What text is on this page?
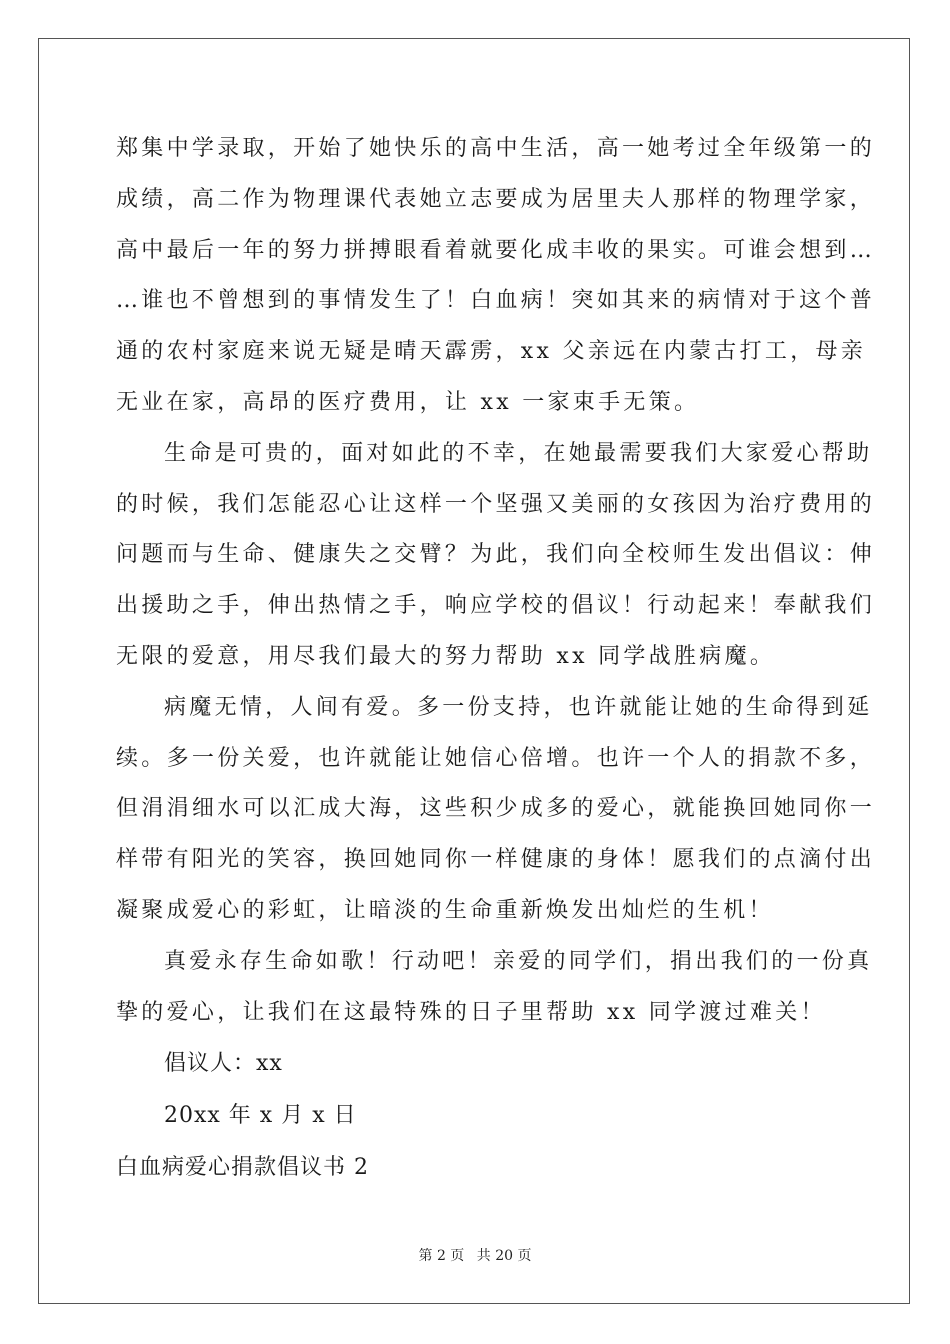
郑集中学录取，开始了她快乐的高中生活，高一她考过全年级第一的
成绩，高二作为物理课代表她立志要成为居里夫人那样的物理学家，
高中最后一年的努力拼搏眼看着就要化成丰收的果实。可谁会想到…
…谁也不曾想到的事情发生了！白血病！突如其来的病情对于这个普
通的农村家庭来说无疑是晴天霹雳，xx 父亲远在内蒙古打工，母亲
无业在家，高昂的医疗费用，让 xx 一家束手无策。
生命是可贵的，面对如此的不幸，在她最需要我们大家爱心帮助
的时候，我们怎能忍心让这样一个坚强又美丽的女孩因为治疗费用的
问题而与生命、健康失之交臂？为此，我们向全校师生发出倡议：伸
出援助之手，伸出热情之手，响应学校的倡议！行动起来！奉献我们
无限的爱意，用尽我们最大的努力帮助 xx 同学战胜病魔。
病魔无情，人间有爱。多一份支持，也许就能让她的生命得到延
续。多一份关爱，也许就能让她信心倍增。也许一个人的捐款不多，
但涓涓细水可以汇成大海，这些积少成多的爱心，就能换回她同你一
样带有阳光的笑容，换回她同你一样健康的身体！愿我们的点滴付出
凝聚成爱心的彩虹，让暗淡的生命重新焕发出灿烂的生机！
真爱永存生命如歌！行动吧！亲爱的同学们，捐出我们的一份真
挚的爱心，让我们在这最特殊的日子里帮助 xx 同学渡过难关！
倡议人：xx
20xx 年 x 月 x 日
白血病爱心捐款倡议书 2
第 2 页 共 20 页
